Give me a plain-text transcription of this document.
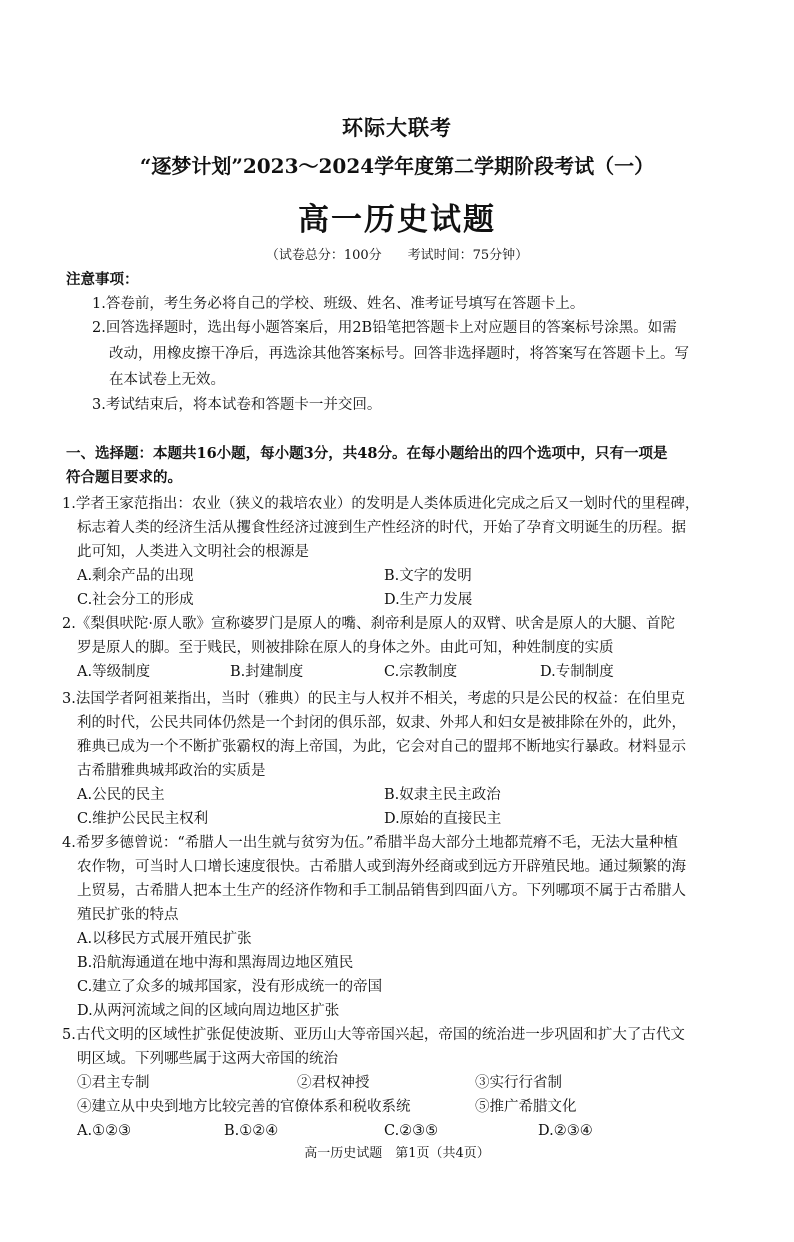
环际大联考
“逐梦计划”2023～2024学年度第二学期阶段考试（一）
高一历史试题
（试卷总分：100分　　考试时间：75分钟）
注意事项：
1.答卷前，考生务必将自己的学校、班级、姓名、准考证号填写在答题卡上。
2.回答选择题时，选出每小题答案后，用2B铅笔把答题卡上对应题目的答案标号涂黑。如需
改动，用橡皮擦干净后，再选涂其他答案标号。回答非选择题时，将答案写在答题卡上。写
在本试卷上无效。
3.考试结束后，将本试卷和答题卡一并交回。
一、选择题：本题共16小题，每小题3分，共48分。在每小题给出的四个选项中，只有一项是
符合题目要求的。
1.学者王家范指出：农业（狭义的栽培农业）的发明是人类体质进化完成之后又一划时代的里程碑，
标志着人类的经济生活从攫食性经济过渡到生产性经济的时代，开始了孕育文明诞生的历程。据
此可知，人类进入文明社会的根源是
A.剩余产品的出现	B.文字的发明
C.社会分工的形成	D.生产力发展
2.《梨俱吠陀·原人歌》宣称婆罗门是原人的嘴、刹帝利是原人的双臂、吠舍是原人的大腿、首陀
罗是原人的脚。至于贱民，则被排除在原人的身体之外。由此可知，种姓制度的实质
A.等级制度	B.封建制度	C.宗教制度	D.专制制度
3.法国学者阿祖莱指出，当时（雅典）的民主与人权并不相关，考虑的只是公民的权益：在伯里克
利的时代，公民共同体仍然是一个封闭的俱乐部，奴隶、外邦人和妇女是被排除在外的，此外，
雅典已成为一个不断扩张霸权的海上帝国，为此，它会对自己的盟邦不断地实行暴政。材料显示
古希腊雅典城邦政治的实质是
A.公民的民主	B.奴隶主民主政治
C.维护公民民主权利	D.原始的直接民主
4.希罗多德曾说：“希腊人一出生就与贫穷为伍。”希腊半岛大部分土地都荒瘠不毛，无法大量种植
农作物，可当时人口增长速度很快。古希腊人或到海外经商或到远方开辟殖民地。通过频繁的海
上贸易，古希腊人把本土生产的经济作物和手工制品销售到四面八方。下列哪项不属于古希腊人
殖民扩张的特点
A.以移民方式展开殖民扩张
B.沿航海通道在地中海和黑海周边地区殖民
C.建立了众多的城邦国家，没有形成统一的帝国
D.从两河流域之间的区域向周边地区扩张
5.古代文明的区域性扩张促使波斯、亚历山大等帝国兴起，帝国的统治进一步巩固和扩大了古代文
明区域。下列哪些属于这两大帝国的统治
①君主专制	②君权神授	③实行行省制
④建立从中央到地方比较完善的官僚体系和税收系统	⑤推广希腊文化
A.①②③	B.①②④	C.②③⑤	D.②③④
高一历史试题　第1页（共4页）
